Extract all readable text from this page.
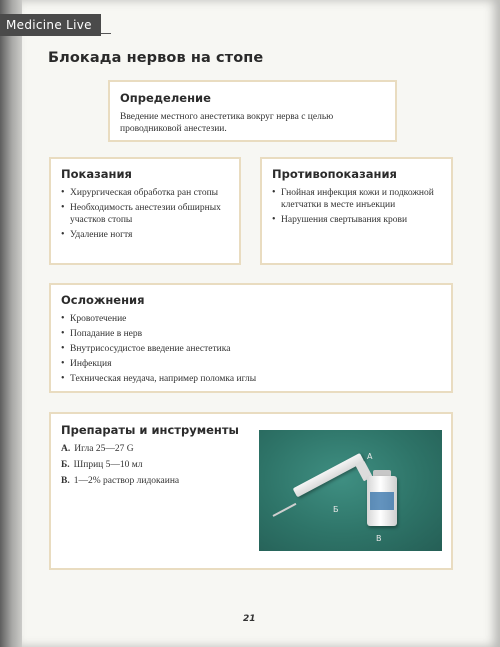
Medicine Live
Блокада нервов на стопе
Определение

Введение местного анестетика вокруг нерва с целью проводниковой анестезии.

Показания
• Хирургическая обработка ран стопы
• Необходимость анестезии обширных участков стопы
• Удаление ногтя
Противопоказания
• Гнойная инфекция кожи и подкожной клетчатки в месте инъекции
• Нарушения свертывания крови
Осложнения
• Кровотечение
• Попадание в нерв
• Внутрисосудистое введение анестетика
• Инфекция
• Техническая неудача, например поломка иглы
Препараты и инструменты
А. Игла 25—27 G
Б. Шприц 5—10 мл
В. 1—2% раствор лидокаина
А
Б
В
21
